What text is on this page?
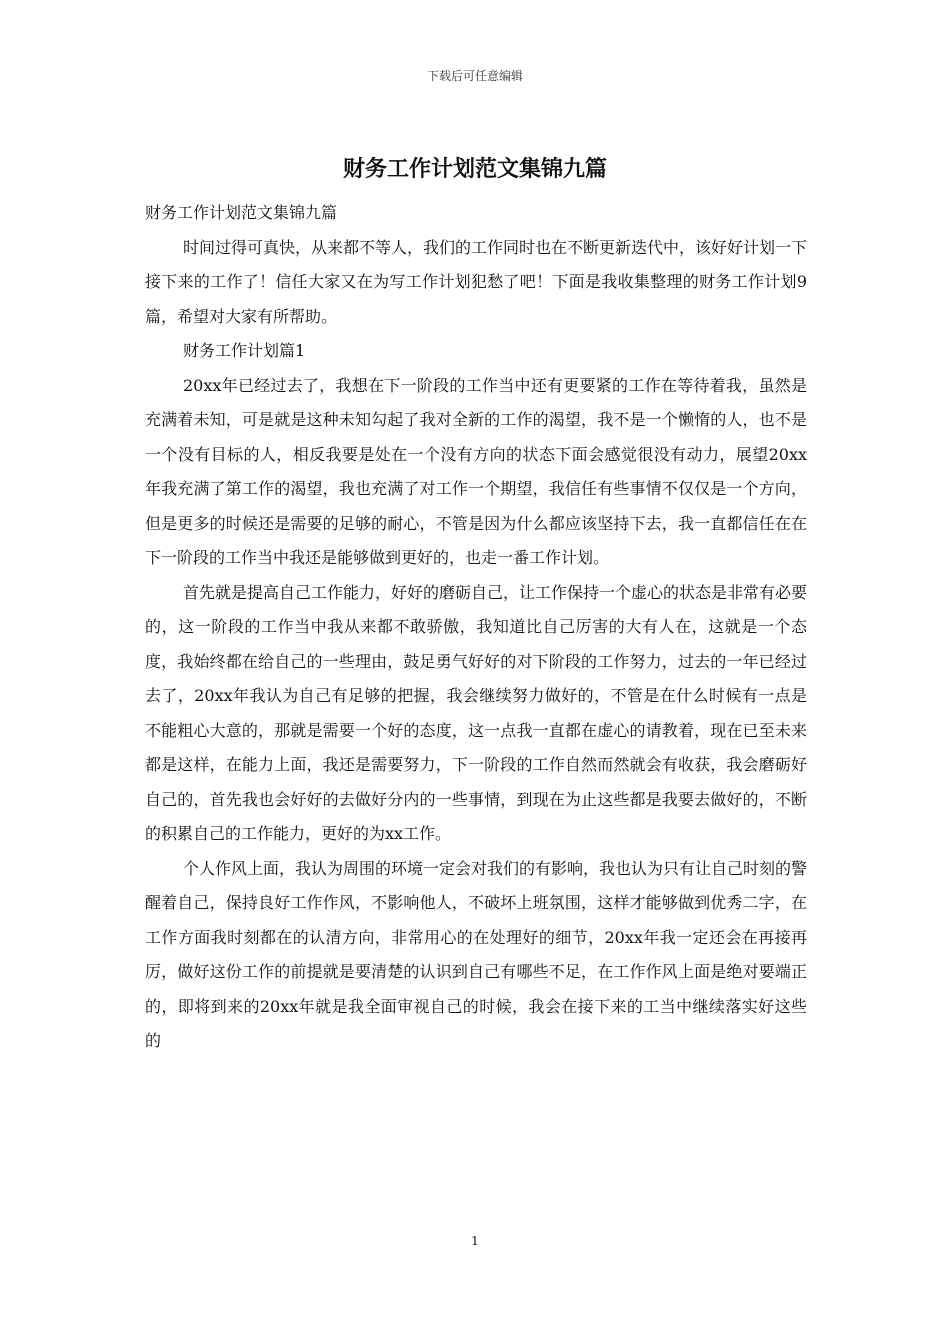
下载后可任意编辑
财务工作计划范文集锦九篇

财务工作计划范文集锦九篇

时间过得可真快，从来都不等人，我们的工作同时也在不断更新迭代中，该好好计划一下接下来的工作了！信任大家又在为写工作计划犯愁了吧！下面是我收集整理的财务工作计划9篇，希望对大家有所帮助。

财务工作计划篇1

20xx年已经过去了，我想在下一阶段的工作当中还有更要紧的工作在等待着我，虽然是充满着未知，可是就是这种未知勾起了我对全新的工作的渴望，我不是一个懒惰的人，也不是一个没有目标的人，相反我要是处在一个没有方向的状态下面会感觉很没有动力，展望20xx年我充满了第工作的渴望，我也充满了对工作一个期望，我信任有些事情不仅仅是一个方向，但是更多的时候还是需要的足够的耐心，不管是因为什么都应该坚持下去，我一直都信任在在下一阶段的工作当中我还是能够做到更好的，也走一番工作计划。

首先就是提高自己工作能力，好好的磨砺自己，让工作保持一个虚心的状态是非常有必要的，这一阶段的工作当中我从来都不敢骄傲，我知道比自己厉害的大有人在，这就是一个态度，我始终都在给自己的一些理由，鼓足勇气好好的对下阶段的工作努力，过去的一年已经过去了，20xx年我认为自己有足够的把握，我会继续努力做好的，不管是在什么时候有一点是不能粗心大意的，那就是需要一个好的态度，这一点我一直都在虚心的请教着，现在已至未来都是这样，在能力上面，我还是需要努力，下一阶段的工作自然而然就会有收获，我会磨砺好自己的，首先我也会好好的去做好分内的一些事情，到现在为止这些都是我要去做好的，不断的积累自己的工作能力，更好的为xx工作。

个人作风上面，我认为周围的环境一定会对我们的有影响，我也认为只有让自己时刻的警醒着自己，保持良好工作作风，不影响他人，不破坏上班氛围，这样才能够做到优秀二字，在工作方面我时刻都在的认清方向，非常用心的在处理好的细节，20xx年我一定还会在再接再厉，做好这份工作的前提就是要清楚的认识到自己有哪些不足，在工作作风上面是绝对要端正的，即将到来的20xx年就是我全面审视自己的时候，我会在接下来的工当中继续落实好这些的

1
